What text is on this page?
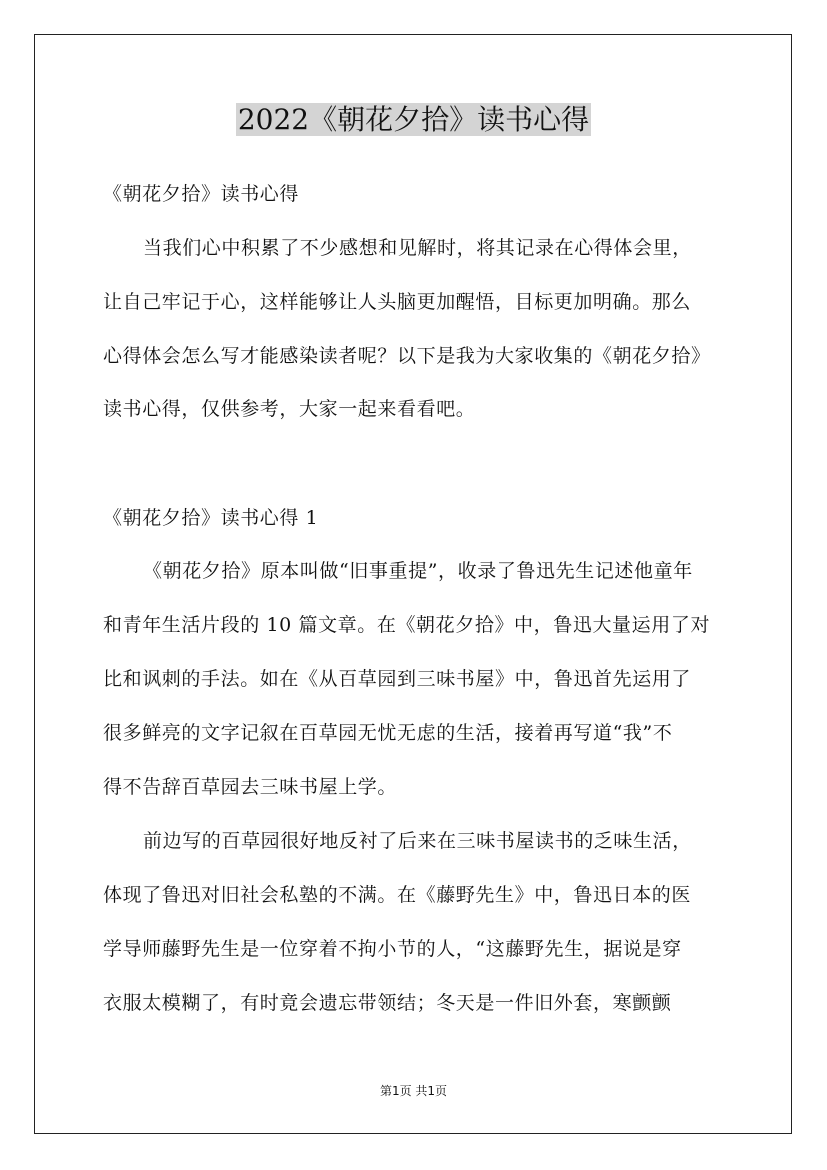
2022《朝花夕拾》读书心得
《朝花夕拾》读书心得
当我们心中积累了不少感想和见解时，将其记录在心得体会里，
让自己牢记于心，这样能够让人头脑更加醒悟，目标更加明确。那么
心得体会怎么写才能感染读者呢？以下是我为大家收集的《朝花夕拾》
读书心得，仅供参考，大家一起来看看吧。
《朝花夕拾》读书心得 1
《朝花夕拾》原本叫做“旧事重提”，收录了鲁迅先生记述他童年
和青年生活片段的 10 篇文章。在《朝花夕拾》中，鲁迅大量运用了对
比和讽刺的手法。如在《从百草园到三味书屋》中，鲁迅首先运用了
很多鲜亮的文字记叙在百草园无忧无虑的生活，接着再写道“我”不
得不告辞百草园去三味书屋上学。
前边写的百草园很好地反衬了后来在三味书屋读书的乏味生活，
体现了鲁迅对旧社会私塾的不满。在《藤野先生》中，鲁迅日本的医
学导师藤野先生是一位穿着不拘小节的人，“这藤野先生，据说是穿
衣服太模糊了，有时竟会遗忘带领结；冬天是一件旧外套，寒颤颤
第1页 共1页
